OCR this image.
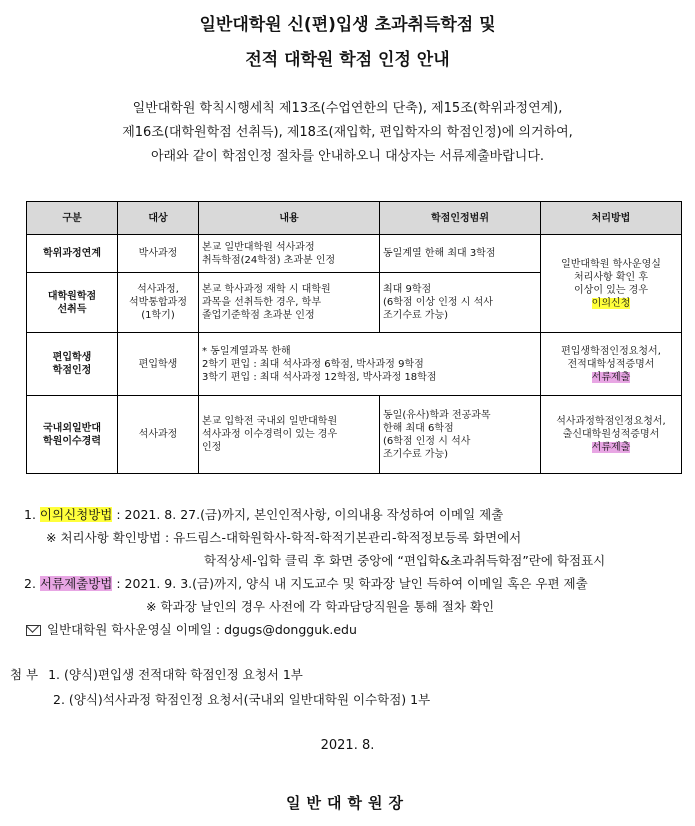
일반대학원 신(편)입생 초과취득학점 및
전적 대학원 학점 인정 안내
일반대학원 학칙시행세칙 제13조(수업연한의 단축), 제15조(학위과정연계),
제16조(대학원학점 선취득), 제18조(재입학, 편입학자의 학점인정)에 의거하여,
아래와 같이 학점인정 절차를 안내하오니 대상자는 서류제출바랍니다.
구분	대상	내용	학점인정범위	처리방법
학위과정연계	박사과정	본교 일반대학원 석사과정
취득학점(24학점) 초과분 인정	동일계열 한해 최대 3학점	일반대학원 학사운영실
처리사항 확인 후
이상이 있는 경우
이의신청
대학원학점
선취득	석사과정,
석박통합과정
(1학기)	본교 학사과정 재학 시 대학원
과목을 선취득한 경우, 학부
졸업기준학점 초과분 인정	최대 9학점
(6학점 이상 인정 시 석사
조기수료 가능)	
편입학생
학점인정	편입학생	* 동일계열과목 한해
2학기 편입 : 최대 석사과정 6학점, 박사과정 9학점
3학기 편입 : 최대 석사과정 12학점, 박사과정 18학점		편입생학점인정요청서,
전적대학성적증명서
서류제출
국내외일반대
학원이수경력	석사과정	본교 입학전 국내외 일반대학원
석사과정 이수경력이 있는 경우
인정	동일(유사)학과 전공과목
한해 최대 6학점
(6학점 인정 시 석사
조기수료 가능)	석사과정학점인정요청서,
출신대학원성적증명서
서류제출
1. 이의신청방법 : 2021. 8. 27.(금)까지, 본인인적사항, 이의내용 작성하여 이메일 제출
※ 처리사항 확인방법 : 유드림스-대학원학사-학적-학적기본관리-학적정보등록 화면에서
학적상세-입학 클릭 후 화면 중앙에 “편입학&초과취득학점”란에 학점표시
2. 서류제출방법 : 2021. 9. 3.(금)까지, 양식 내 지도교수 및 학과장 날인 득하여 이메일 혹은 우편 제출
※ 학과장 날인의 경우 사전에 각 학과담당직원을 통해 절차 확인
일반대학원 학사운영실 이메일 : dgugs@dongguk.edu
첨 부 1. (양식)편입생 전적대학 학점인정 요청서 1부
2. (양식)석사과정 학점인정 요청서(국내외 일반대학원 이수학점) 1부
2021. 8.
일반대학원장
